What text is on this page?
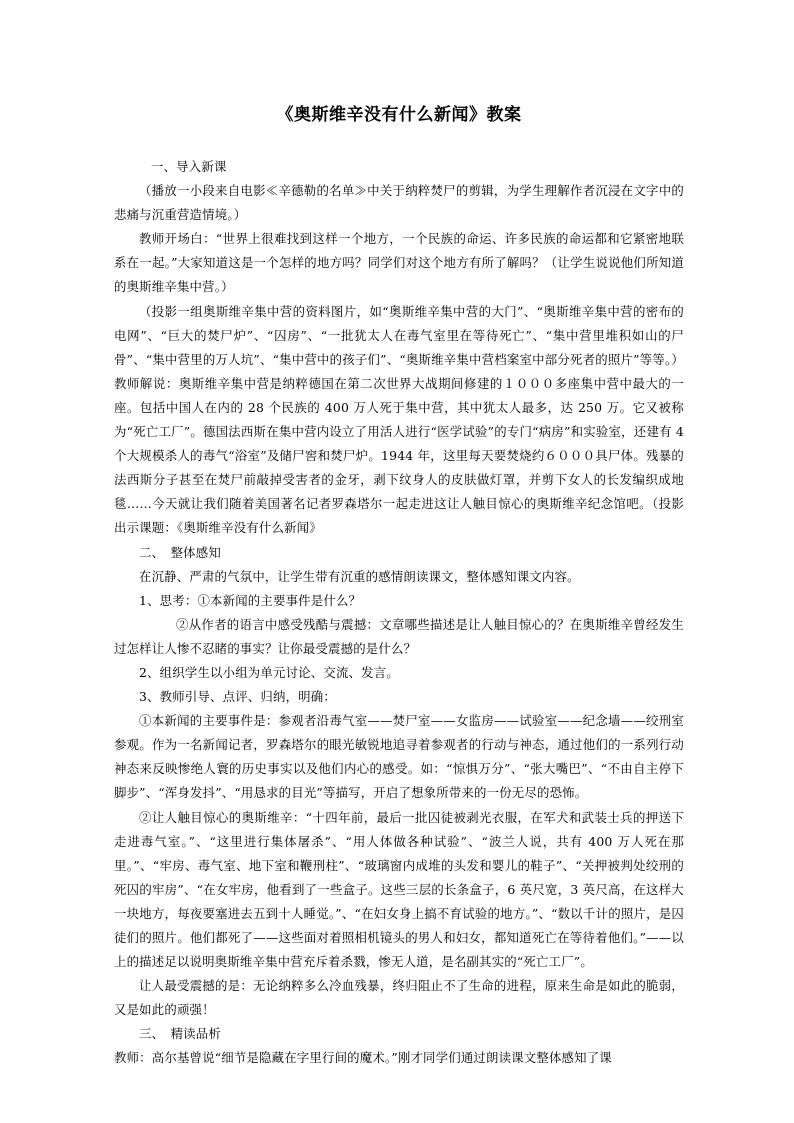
《奥斯维辛没有什么新闻》教案

一、导入新课

（播放一小段来自电影≪辛德勒的名单≫中关于纳粹焚尸的剪辑，为学生理解作者沉浸在文字中的悲痛与沉重营造情境。）

教师开场白：“世界上很难找到这样一个地方，一个民族的命运、许多民族的命运都和它紧密地联系在一起。”大家知道这是一个怎样的地方吗？同学们对这个地方有所了解吗？（让学生说说他们所知道的奥斯维辛集中营。）

（投影一组奥斯维辛集中营的资料图片，如“奥斯维辛集中营的大门”、“奥斯维辛集中营的密布的电网”、“巨大的焚尸炉”、“囚房”、“一批犹太人在毒气室里在等待死亡”、“集中营里堆积如山的尸骨”、“集中营里的万人坑”、“集中营中的孩子们”、“奥斯维辛集中营档案室中部分死者的照片”等等。）教师解说：奥斯维辛集中营是纳粹德国在第二次世界大战期间修建的１０００多座集中营中最大的一座。包括中国人在内的 28 个民族的 400 万人死于集中营，其中犹太人最多，达 250 万。它又被称为“死亡工厂”。德国法西斯在集中营内设立了用活人进行“医学试验”的专门“病房”和实验室，还建有 4 个大规模杀人的毒气“浴室”及储尸窖和焚尸炉。1944 年，这里每天要焚烧约６０００具尸体。残暴的法西斯分子甚至在焚尸前敲掉受害者的金牙，剥下纹身人的皮肤做灯罩，并剪下女人的长发编织成地毯……今天就让我们随着美国著名记者罗森塔尔一起走进这让人触目惊心的奥斯维辛纪念馆吧。（投影出示课题：《奥斯维辛没有什么新闻》

二、　整体感知

在沉静、严肃的气氛中，让学生带有沉重的感情朗读课文，整体感知课文内容。

1、思考：①本新闻的主要事件是什么？

②从作者的语言中感受残酷与震撼：文章哪些描述是让人触目惊心的？在奥斯维辛曾经发生过怎样让人惨不忍睹的事实？让你最受震撼的是什么？

2、组织学生以小组为单元讨论、交流、发言。

3、教师引导、点评、归纳，明确：

①本新闻的主要事件是：参观者沿毒气室——焚尸室——女监房——试验室——纪念墙——绞刑室参观。作为一名新闻记者，罗森塔尔的眼光敏锐地追寻着参观者的行动与神态，通过他们的一系列行动神态来反映惨绝人寰的历史事实以及他们内心的感受。如：“惊惧万分”、“张大嘴巴”、“不由自主停下脚步”、“浑身发抖”、“用恳求的目光”等描写，开启了想象所带来的一份无尽的恐怖。

②让人触目惊心的奥斯维辛：“十四年前，最后一批囚徒被剥光衣服，在军犬和武装士兵的押送下走进毒气室。”、“这里进行集体屠杀”、“用人体做各种试验”、“波兰人说，共有 400 万人死在那里。”、“牢房、毒气室、地下室和鞭刑柱”、“玻璃窗内成堆的头发和婴儿的鞋子”、“关押被判处绞刑的死囚的牢房”、“在女牢房，他看到了一些盒子。这些三层的长条盒子，6 英尺宽，3 英尺高，在这样大一块地方，每夜要塞进去五到十人睡觉。”、“在妇女身上搞不育试验的地方。”、“数以千计的照片，是囚徒们的照片。他们都死了——这些面对着照相机镜头的男人和妇女，都知道死亡在等待着他们。”——以上的描述足以说明奥斯维辛集中营充斥着杀戮，惨无人道，是名副其实的“死亡工厂”。

让人最受震撼的是：无论纳粹多么冷血残暴，终归阻止不了生命的进程，原来生命是如此的脆弱，又是如此的顽强！

三、　精读品析

教师：高尔基曾说“细节是隐藏在字里行间的魔术。”刚才同学们通过朗读课文整体感知了课
